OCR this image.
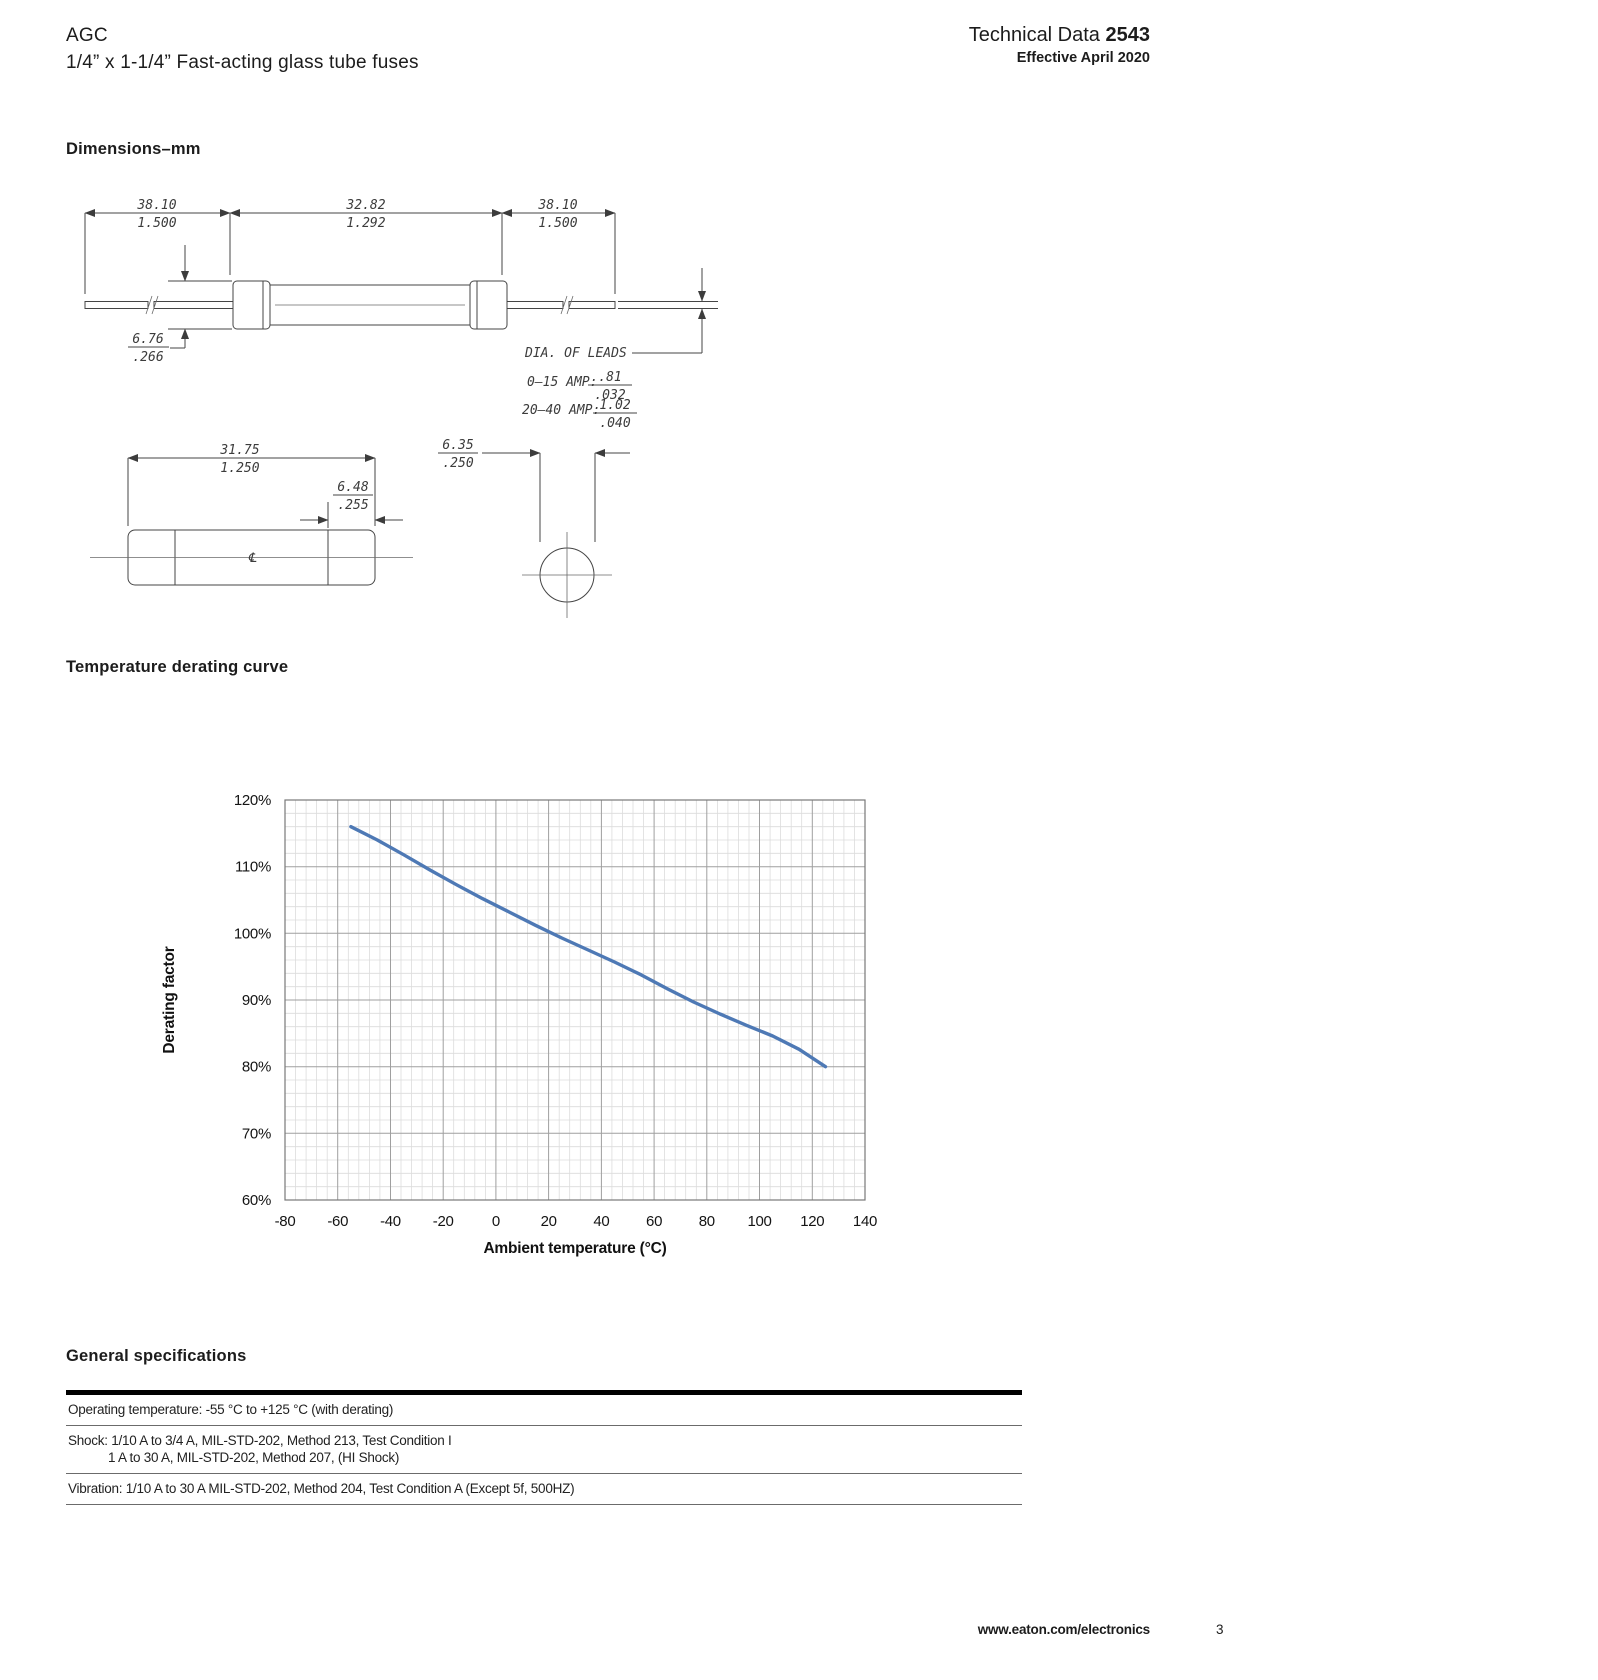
AGC
1/4” x 1-1/4” Fast-acting glass tube fuses
Technical Data 2543
Effective April 2020
Dimensions–mm
38.10
1.500
32.82
1.292
38.10
1.500
6.76
.266	DIA. OF LEADS
0–15 AMP: .81
.032
20–40 AMP: 1.02
.040
31.75
1.250
6.48
.255
℄
6.35
.250
Temperature derating curve
120%
110%
100%
90%
80%
70%
60%
-80 -60 -40 -20	0	20 40 60 80 100 120 140
Ambient temperature (°C)
Derating factor
General specifications
Operating temperature: -55 °C to +125 °C (with derating)
Shock: 1/10 A to 3/4 A, MIL-STD-202, Method 213, Test Condition I
1 A to 30 A, MIL-STD-202, Method 207, (HI Shock)
Vibration: 1/10 A to 30 A MIL-STD-202, Method 204, Test Condition A (Except 5f, 500HZ)
www.eaton.com/electronics	3
